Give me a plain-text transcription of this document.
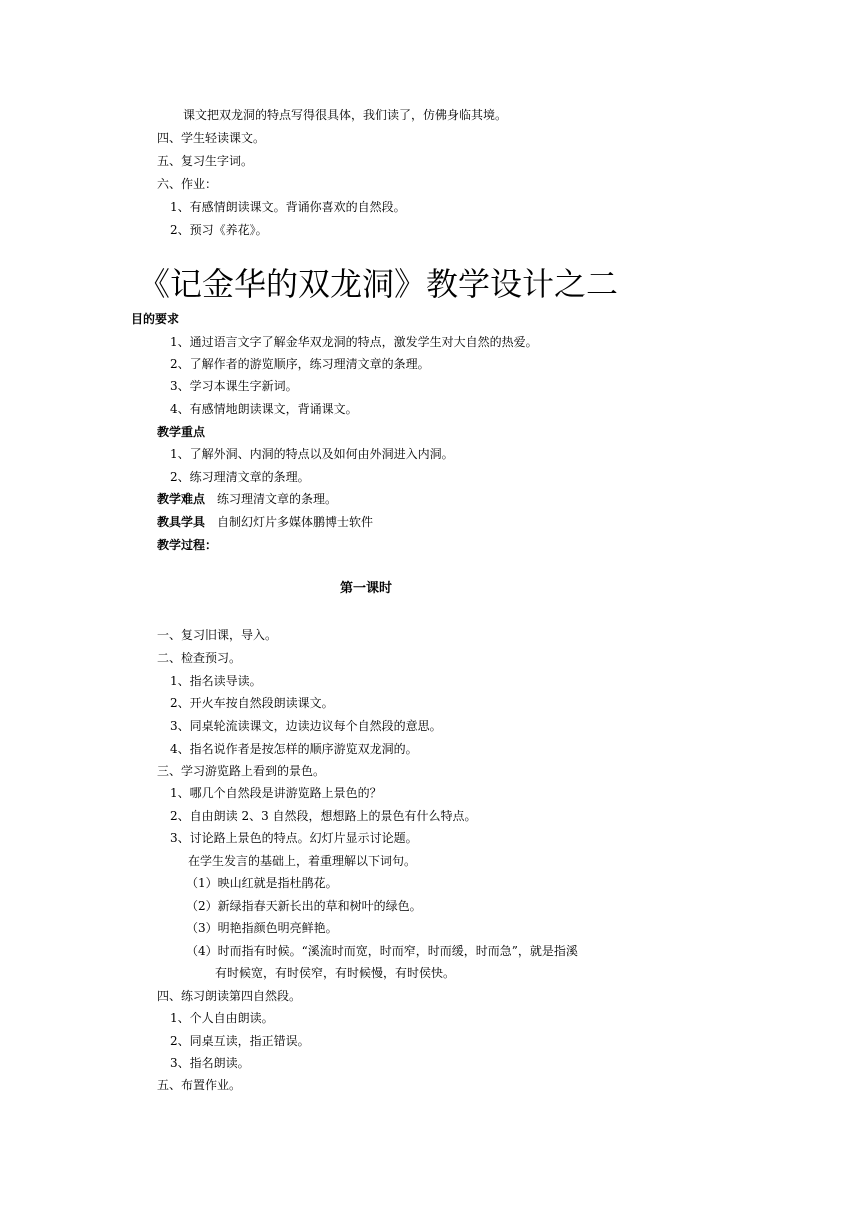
课文把双龙洞的特点写得很具体，我们读了，仿佛身临其境。
四、学生轻读课文。
五、复习生字词。
六、作业：
1、有感情朗读课文。背诵你喜欢的自然段。
2、预习《养花》。
《记金华的双龙洞》教学设计之二
目的要求
1、通过语言文字了解金华双龙洞的特点，激发学生对大自然的热爱。
2、了解作者的游览顺序，练习理清文章的条理。
3、学习本课生字新词。
4、有感情地朗读课文，背诵课文。
教学重点
1、了解外洞、内洞的特点以及如何由外洞进入内洞。
2、练习理清文章的条理。
教学难点 练习理清文章的条理。
教具学具 自制幻灯片多媒体鹏博士软件
教学过程：
第一课时
一、复习旧课，导入。
二、检查预习。
1、指名读导读。
2、开火车按自然段朗读课文。
3、同桌轮流读课文，边读边议每个自然段的意思。
4、指名说作者是按怎样的顺序游览双龙洞的。
三、学习游览路上看到的景色。
1、哪几个自然段是讲游览路上景色的？
2、自由朗读 2、3 自然段，想想路上的景色有什么特点。
3、讨论路上景色的特点。幻灯片显示讨论题。
在学生发言的基础上，着重理解以下词句。
（1）映山红就是指杜鹃花。
（2）新绿指春天新长出的草和树叶的绿色。
（3）明艳指颜色明亮鲜艳。
（4）时而指有时候。“溪流时而宽，时而窄，时而缓，时而急”，就是指溪
有时候宽，有时侯窄，有时候慢，有时侯快。
四、练习朗读第四自然段。
1、个人自由朗读。
2、同桌互读，指正错误。
3、指名朗读。
五、布置作业。
